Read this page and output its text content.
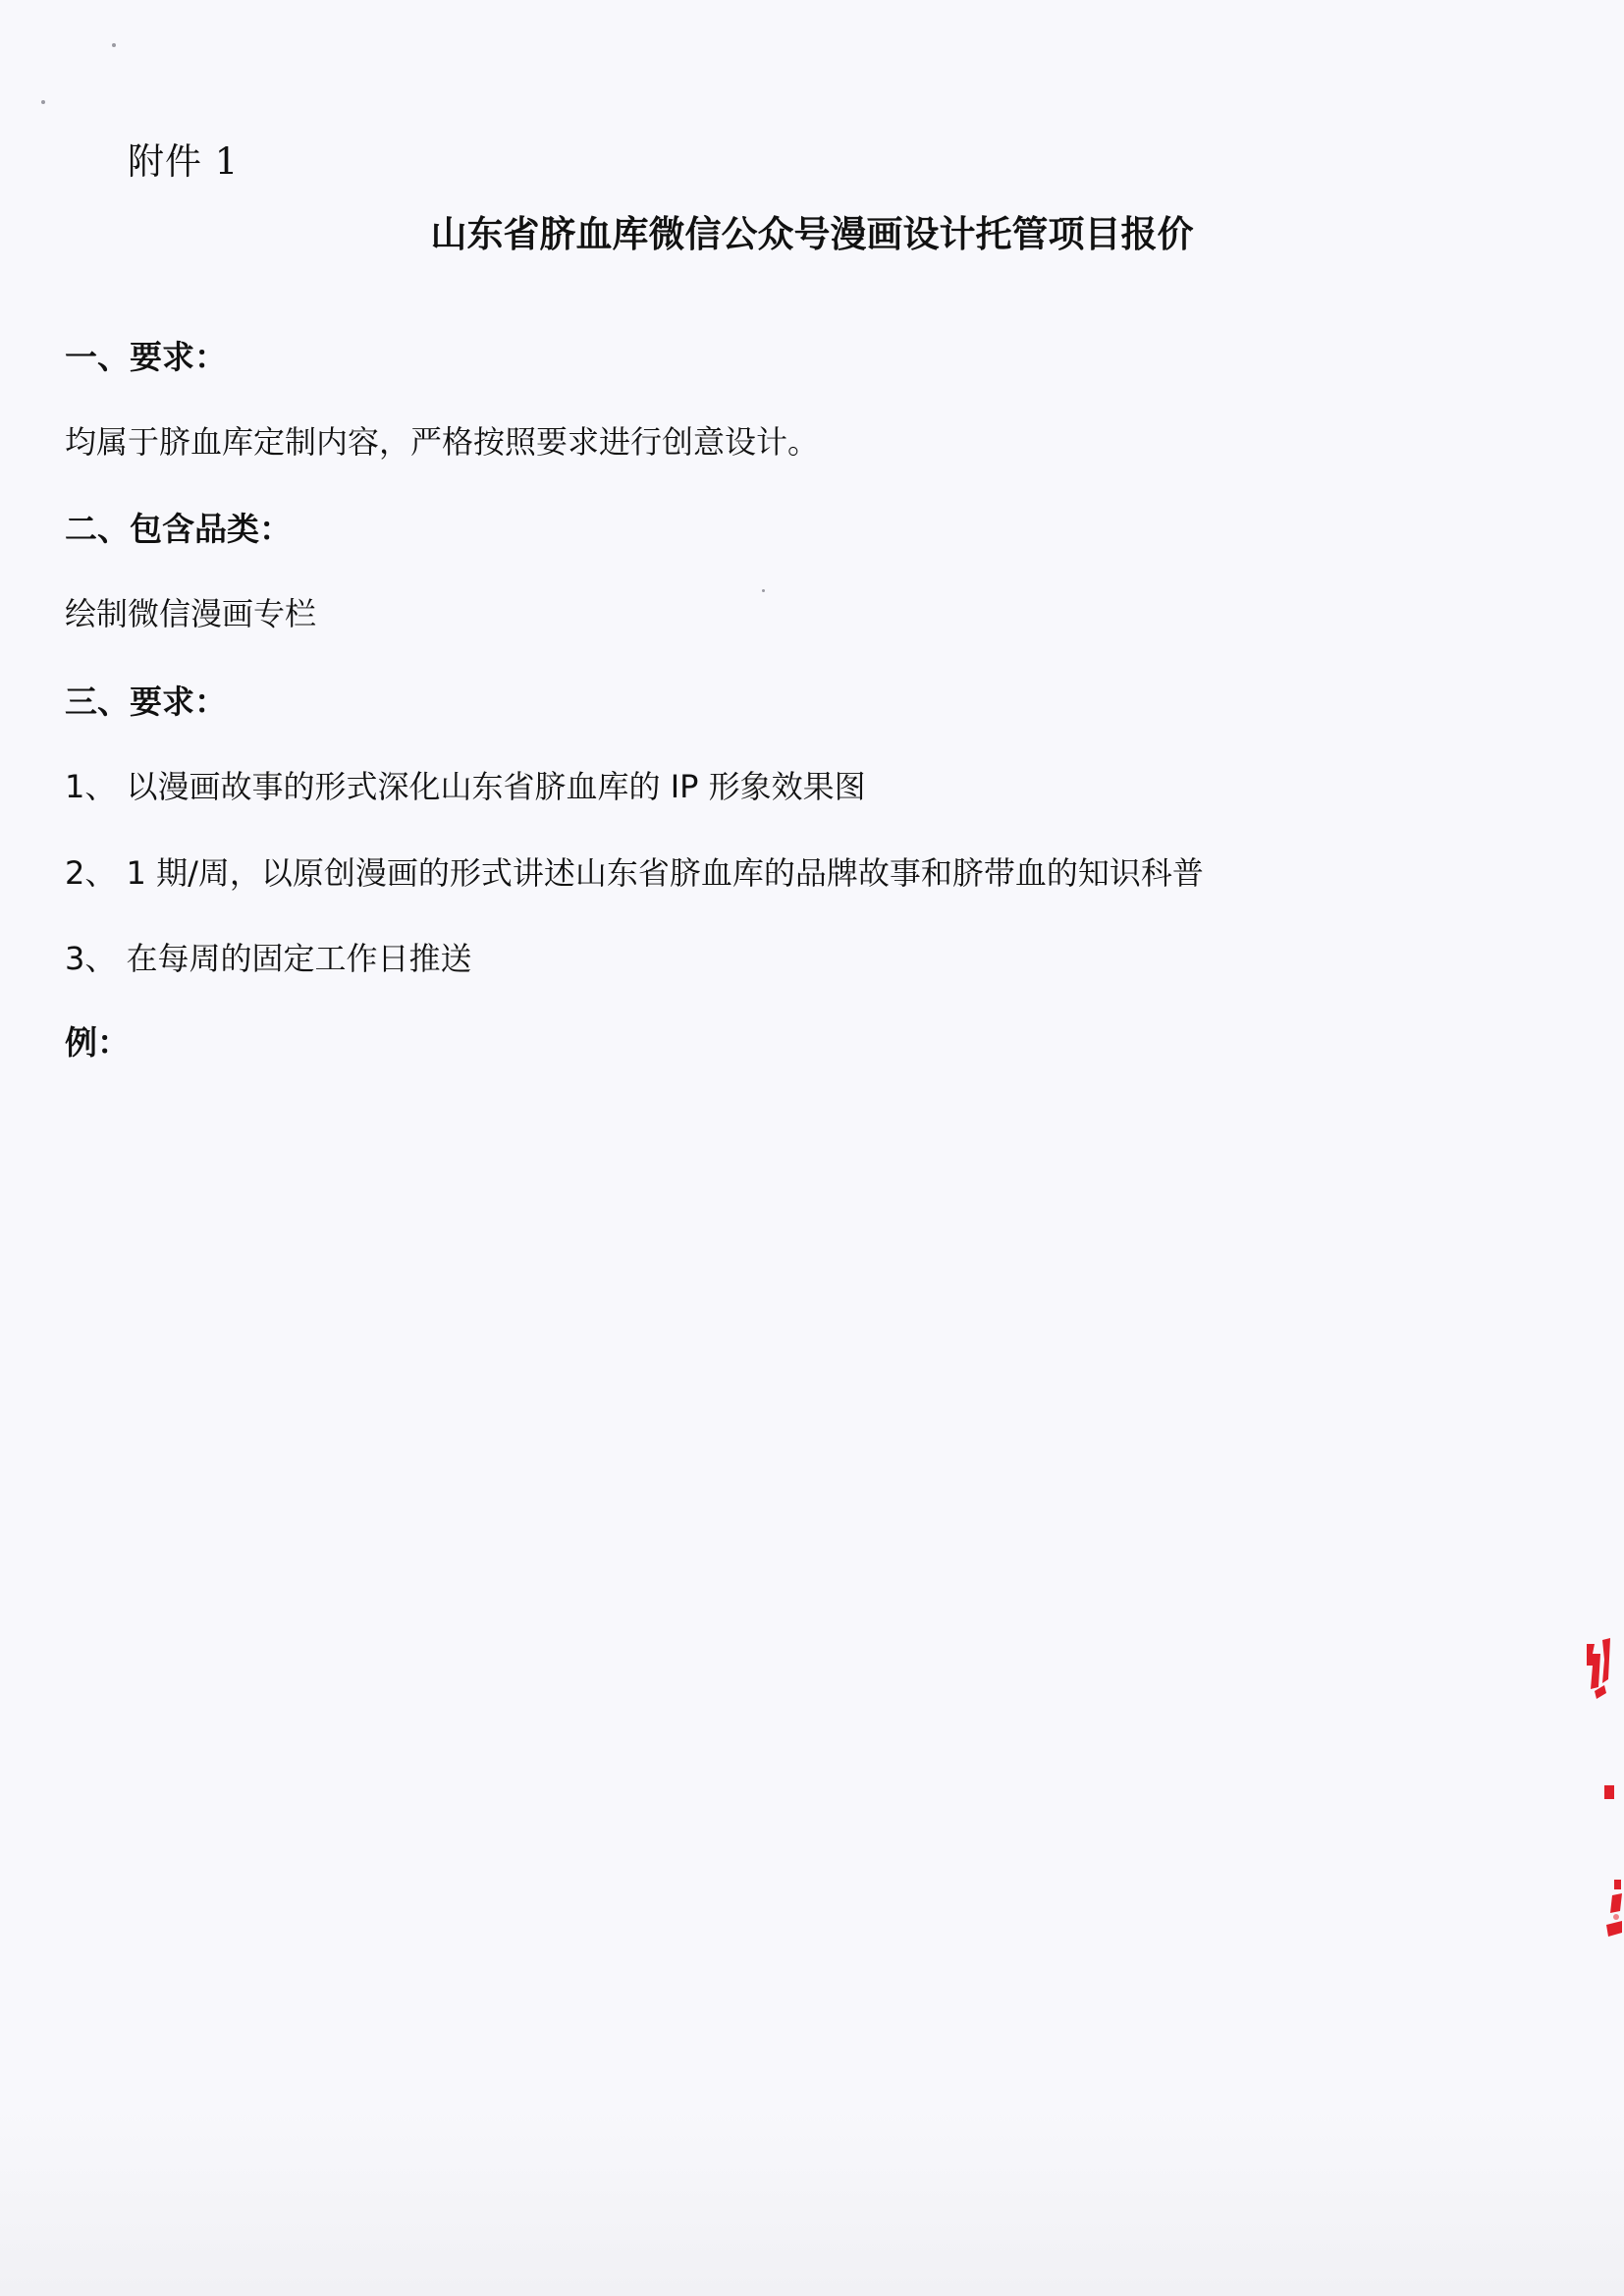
附件 1
山东省脐血库微信公众号漫画设计托管项目报价
一、要求：
均属于脐血库定制内容，严格按照要求进行创意设计。
二、包含品类：
绘制微信漫画专栏
三、要求：
1、 以漫画故事的形式深化山东省脐血库的 IP 形象效果图
2、 1 期/周，以原创漫画的形式讲述山东省脐血库的品牌故事和脐带血的知识科普
3、 在每周的固定工作日推送
例：
